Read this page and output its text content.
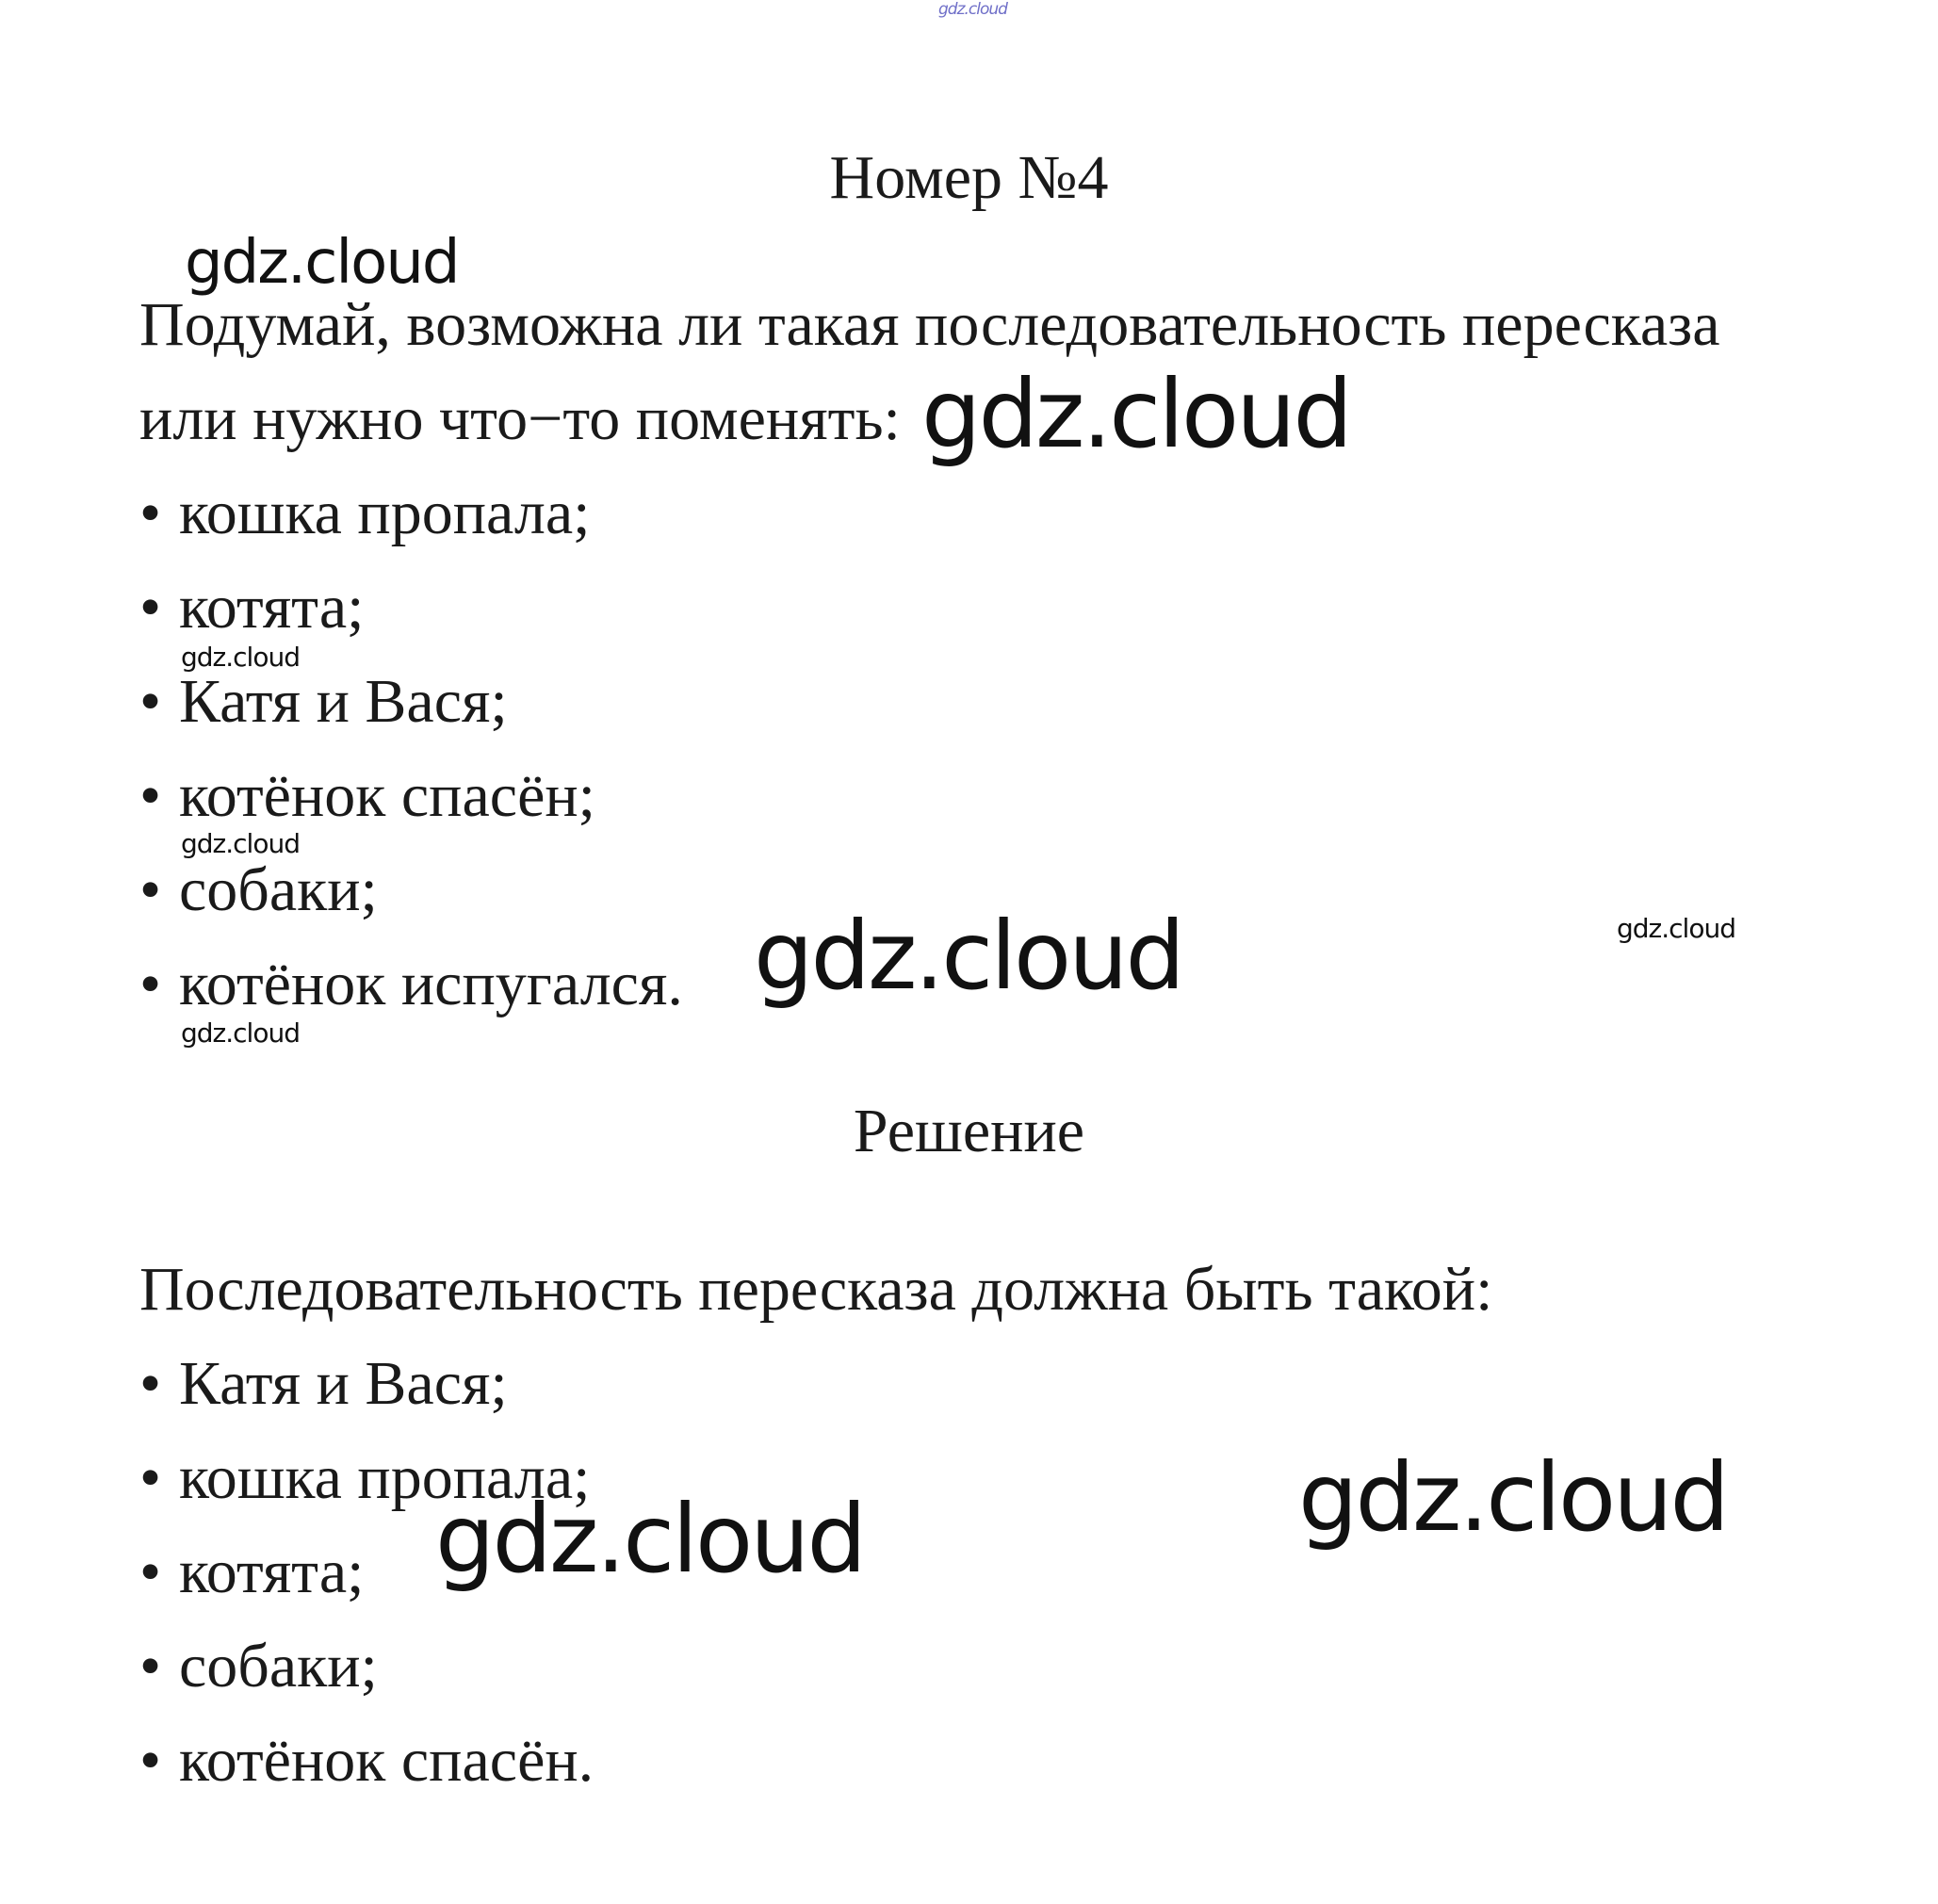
gdz.cloud
Номер №4
gdz.cloud
Подумай, возможна ли такая последовательность пересказа
или нужно что−то поменять: gdz.cloud
• кошка пропала;
• котята;
gdz.cloud
• Катя и Вася;
• котёнок спасён;
gdz.cloud
• собаки;
• котёнок испугался. gdz.cloud	gdz.cloud
gdz.cloud
Решение
Последовательность пересказа должна быть такой:
• Катя и Вася;
• кошка пропала;
• котята;
• собаки;
• котёнок спасён.
gdz.cloud
gdz.cloud
